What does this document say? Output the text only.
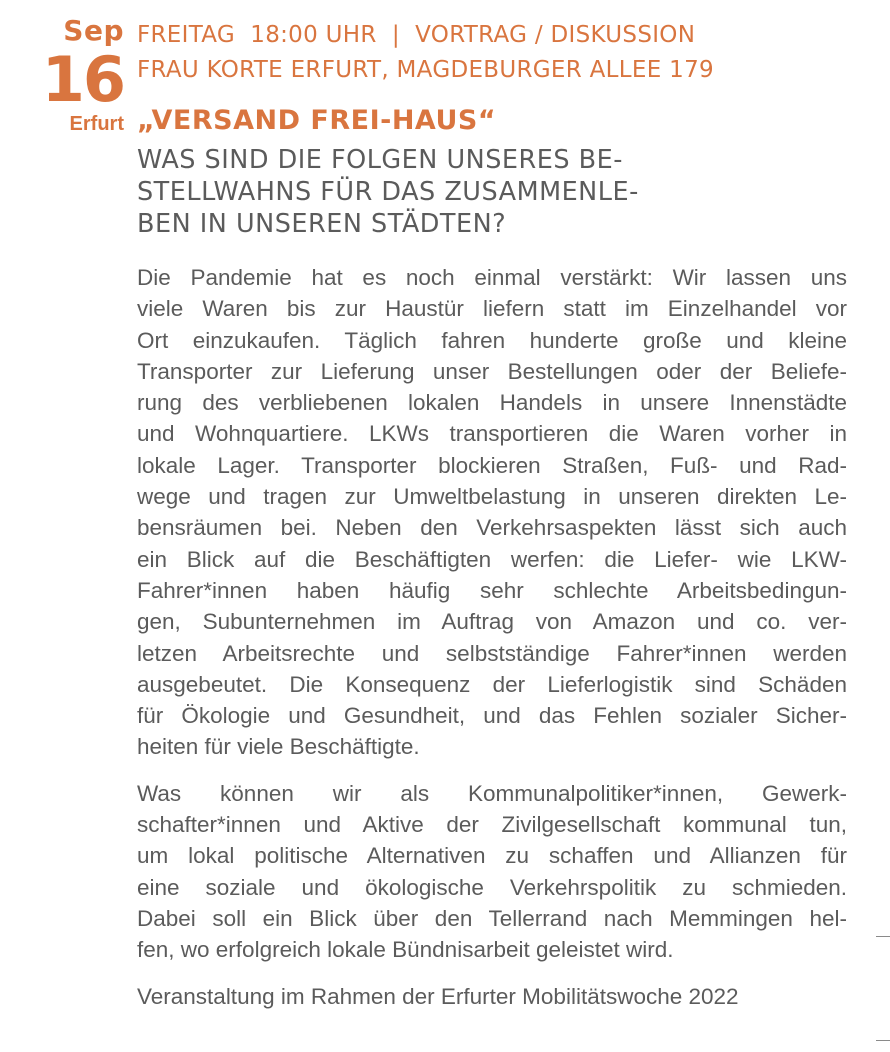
Sep
16
Erfurt
FREITAG  18:00 UHR  |  VORTRAG / DISKUSSION
FRAU KORTE ERFURT, MAGDEBURGER ALLEE 179
„VERSAND FREI-HAUS“
WAS SIND DIE FOLGEN UNSERES BE-
STELLWAHNS FÜR DAS ZUSAMMENLE-
BEN IN UNSEREN STÄDTEN?
Die Pandemie hat es noch einmal verstärkt: Wir lassen uns
viele Waren bis zur Haustür liefern statt im Einzelhandel vor
Ort einzukaufen. Täglich fahren hunderte große und kleine
Transporter zur Lieferung unser Bestellungen oder der Beliefe-
rung des verbliebenen lokalen Handels in unsere Innenstädte
und Wohnquartiere. LKWs transportieren die Waren vorher in
lokale Lager. Transporter blockieren Straßen, Fuß- und Rad-
wege und tragen zur Umweltbelastung in unseren direkten Le-
bensräumen bei. Neben den Verkehrsaspekten lässt sich auch
ein Blick auf die Beschäftigten werfen: die Liefer- wie LKW-
Fahrer*innen haben häufig sehr schlechte Arbeitsbedingun-
gen, Subunternehmen im Auftrag von Amazon und co. ver-
letzen Arbeitsrechte und selbstständige Fahrer*innen werden
ausgebeutet. Die Konsequenz der Lieferlogistik sind Schäden
für Ökologie und Gesundheit, und das Fehlen sozialer Sicher-
heiten für viele Beschäftigte.
Was können wir als Kommunalpolitiker*innen, Gewerk-
schafter*innen und Aktive der Zivilgesellschaft kommunal tun,
um lokal politische Alternativen zu schaffen und Allianzen für
eine soziale und ökologische Verkehrspolitik zu schmieden.
Dabei soll ein Blick über den Tellerrand nach Memmingen hel-
fen, wo erfolgreich lokale Bündnisarbeit geleistet wird.
Veranstaltung im Rahmen der Erfurter Mobilitätswoche 2022
